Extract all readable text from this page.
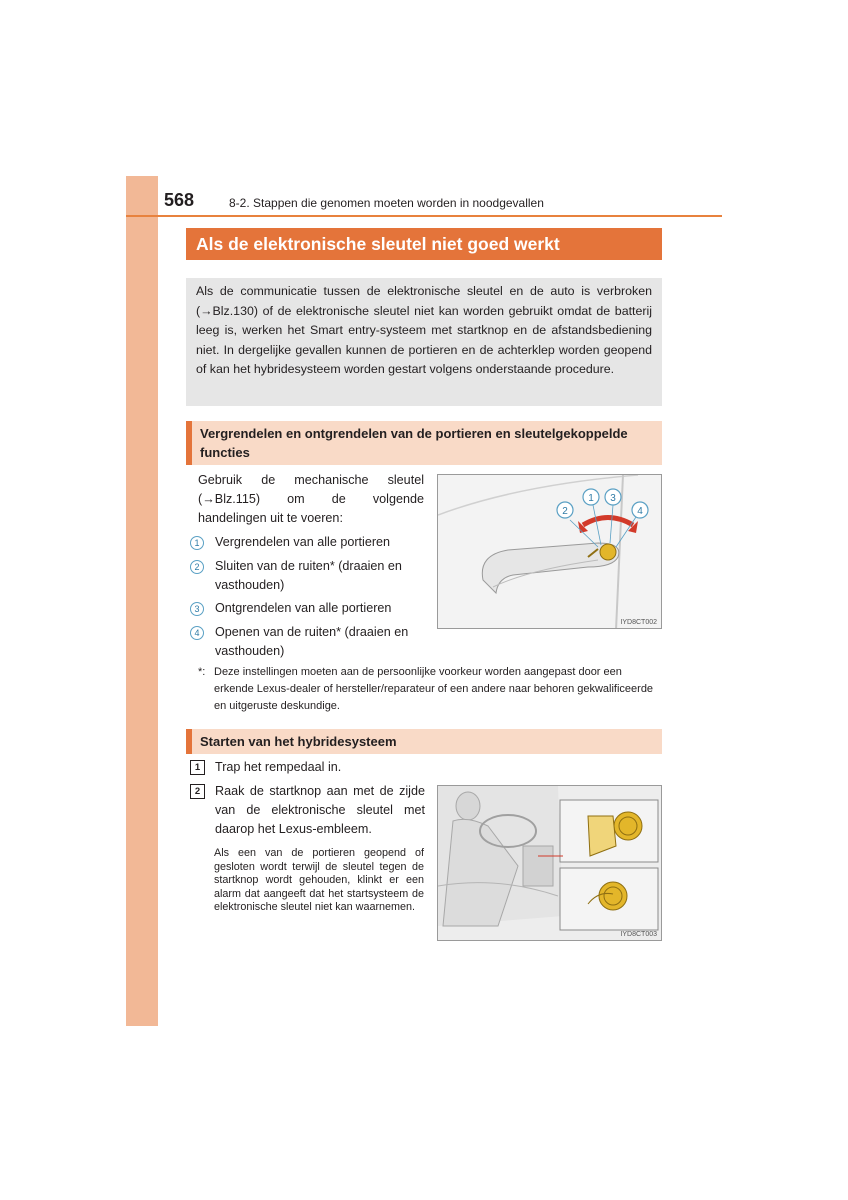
568	8-2. Stappen die genomen moeten worden in noodgevallen
Als de elektronische sleutel niet goed werkt
Als de communicatie tussen de elektronische sleutel en de auto is verbroken (→Blz.130) of de elektronische sleutel niet kan worden gebruikt omdat de batterij leeg is, werken het Smart entry-systeem met startknop en de afstandsbediening niet. In dergelijke gevallen kunnen de portieren en de achterklep worden geopend of kan het hybridesysteem worden gestart volgens onderstaande procedure.
Vergrendelen en ontgrendelen van de portieren en sleutelgekoppelde functies
Gebruik de mechanische sleutel (→Blz.115) om de volgende handelingen uit te voeren:
1	Vergrendelen van alle portieren
2	Sluiten van de ruiten* (draaien en vasthouden)
3	Ontgrendelen van alle portieren
4	Openen van de ruiten* (draaien en vasthouden)
2
1 3
4
IYD8CT002
*: Deze instellingen moeten aan de persoonlijke voorkeur worden aangepast door een erkende Lexus-dealer of hersteller/reparateur of een andere naar behoren gekwalificeerde en uitgeruste deskundige.
Starten van het hybridesysteem
1	Trap het rempedaal in.
2	Raak de startknop aan met de zijde van de elektronische sleutel met daarop het Lexus-embleem.
Als een van de portieren geopend of gesloten wordt terwijl de sleutel tegen de startknop wordt gehouden, klinkt er een alarm dat aangeeft dat het startsysteem de elektronische sleutel niet kan waarnemen.
IYD8CT003
